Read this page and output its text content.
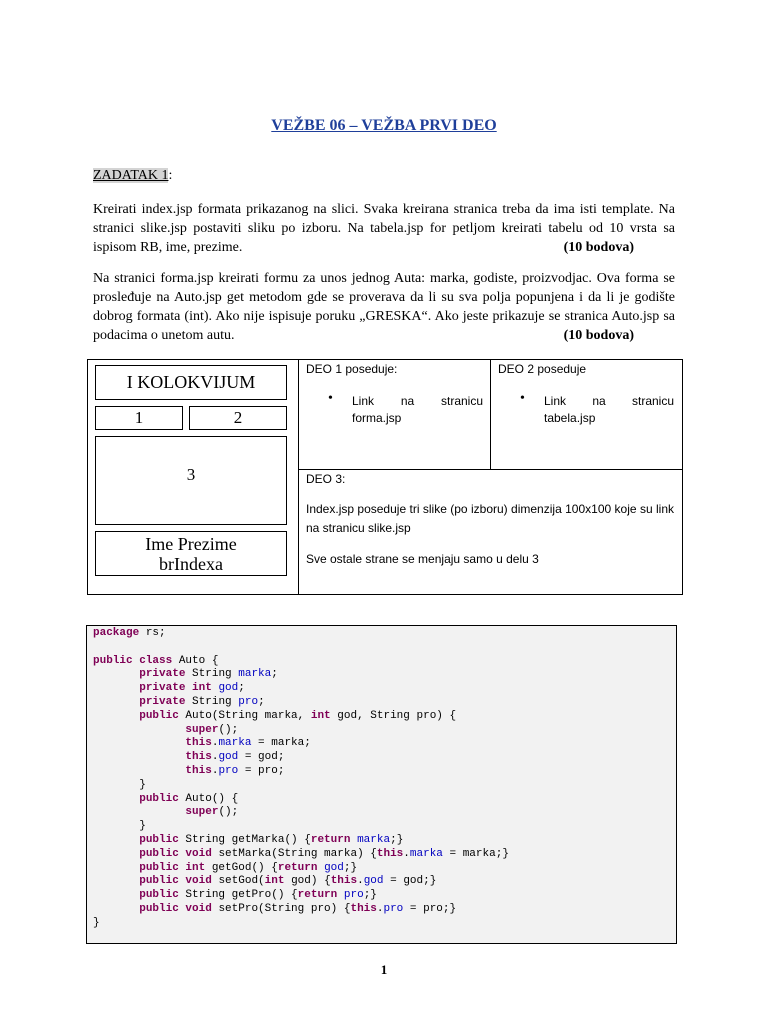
VEŽBE 06 – VEŽBA PRVI DEO
ZADATAK 1:
Kreirati index.jsp formata prikazanog na slici. Svaka kreirana stranica treba da ima isti template. Na stranici slike.jsp postaviti sliku po izboru. Na tabela.jsp for petljom kreirati tabelu od 10 vrsta sa ispisom RB, ime, prezime.	(10 bodova)
Na stranici forma.jsp kreirati formu za unos jednog Auta: marka, godiste, proizvodjac. Ova forma se prosleđuje na Auto.jsp get metodom gde se proverava da li su sva polja popunjena i da li je godište dobrog formata (int). Ako nije ispisuje poruku „GRESKA“. Ako jeste prikazuje se stranica Auto.jsp sa podacima o unetom autu.	(10 bodova)
I KOLOKVIJUM
1	2
3
Ime Prezime
brIndexa
DEO 1 poseduje:
• Link na stranicu forma.jsp
DEO 2 poseduje
• Link na stranicu tabela.jsp
DEO 3:
Index.jsp poseduje tri slike (po izboru) dimenzija 100x100 koje su link na stranicu slike.jsp
Sve ostale strane se menjaju samo u delu 3
package rs;
public class Auto {
private String marka;
private int god;
private String pro;
public Auto(String marka, int god, String pro) {
super();
this.marka = marka;
this.god = god;
this.pro = pro;
}
public Auto() {
super();
}
public String getMarka() {return marka;}
public void setMarka(String marka) {this.marka = marka;}
public int getGod() {return god;}
public void setGod(int god) {this.god = god;}
public String getPro() {return pro;}
public void setPro(String pro) {this.pro = pro;}
}
1
